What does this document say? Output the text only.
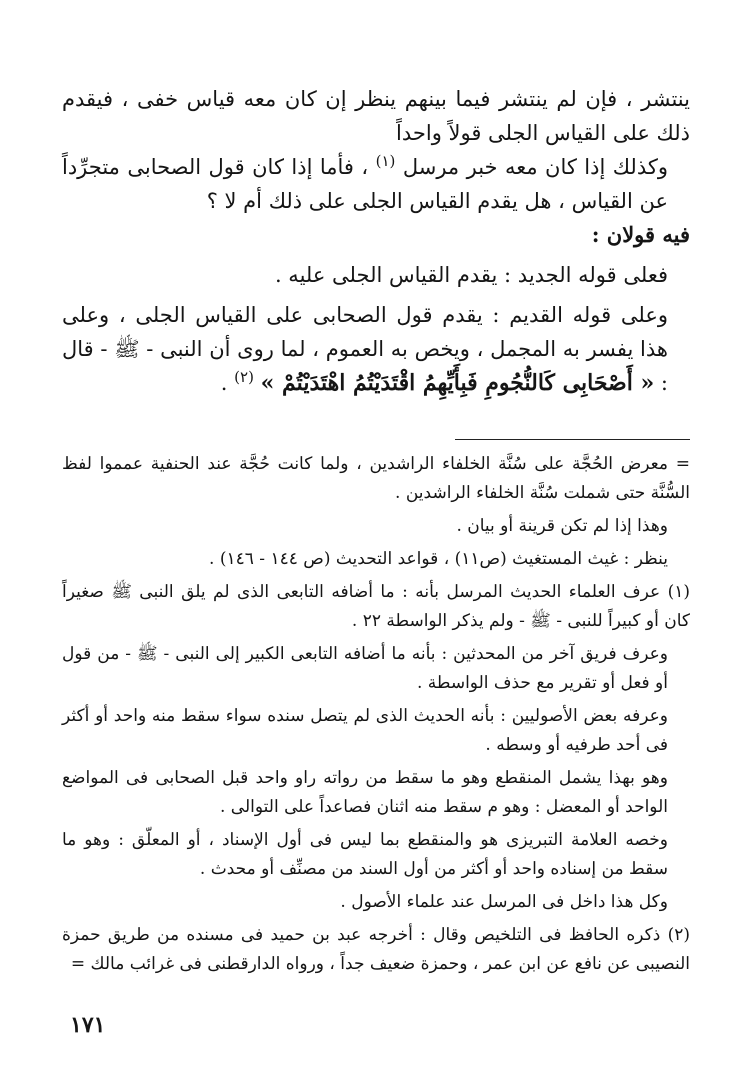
ينتشر ، فإن لم ينتشر فيما بينهم ينظر إن كان معه قياس خفى ، فيقدم ذلك على القياس الجلى قولاً واحداً

وكذلك إذا كان معه خبر مرسل $^{(١)}$ ، فأما إذا كان قول الصحابى متجرِّداً عن القياس ، هل يقدم القياس الجلى على ذلك أم لا ؟

فيه قولان :

فعلى قوله الجديد : يقدم القياس الجلى عليه .

وعلى قوله القديم : يقدم قول الصحابى على القياس الجلى ، وعلى هذا يفسر به المجمل ، ويخص به العموم ، لما روى أن النبى - ﷺ - قال : « أَصْحَابِى كَالنُّجُومِ فَبِأَيِّهِمُ اقْتَدَيْتُمُ اهْتَدَيْتُمْ » $^{(٢)}$ .

= معرض الحُجَّة على سُنَّة الخلفاء الراشدين ، ولما كانت حُجَّة عند الحنفية عمموا لفظ السُّنَّة حتى شملت سُنَّة الخلفاء الراشدين .

وهذا إذا لم تكن قرينة أو بيان .

ينظر : غيث المستغيث (ص١١) ، قواعد التحديث (ص ١٤٤ - ١٤٦) .

(١) عرف العلماء الحديث المرسل بأنه : ما أضافه التابعى الذى لم يلق النبى ﷺ صغيراً كان أو كبيراً للنبى - ﷺ - ولم يذكر الواسطة ٢٢ .

وعرف فريق آخر من المحدثين : بأنه ما أضافه التابعى الكبير إلى النبى - ﷺ - من قول أو فعل أو تقرير مع حذف الواسطة .

وعرفه بعض الأصوليين : بأنه الحديث الذى لم يتصل سنده سواء سقط منه واحد أو أكثر فى أحد طرفيه أو وسطه .

وهو بهذا يشمل المنقطع وهو ما سقط من رواته راو واحد قبل الصحابى فى المواضع الواحد أو المعضل : وهو م سقط منه اثنان فصاعداً على التوالى .

وخصه العلامة التبريزى هو والمنقطع بما ليس فى أول الإسناد ، أو المعلّق : وهو ما سقط من إسناده واحد أو أكثر من أول السند من مصنِّف أو محدث .

وكل هذا داخل فى المرسل عند علماء الأصول .

(٢) ذكره الحافظ فى التلخيص وقال : أخرجه عبد بن حميد فى مسنده من طريق حمزة النصيبى عن نافع عن ابن عمر ، وحمزة ضعيف جداً ، ورواه الدارقطنى فى غرائب مالك =

١٧١
